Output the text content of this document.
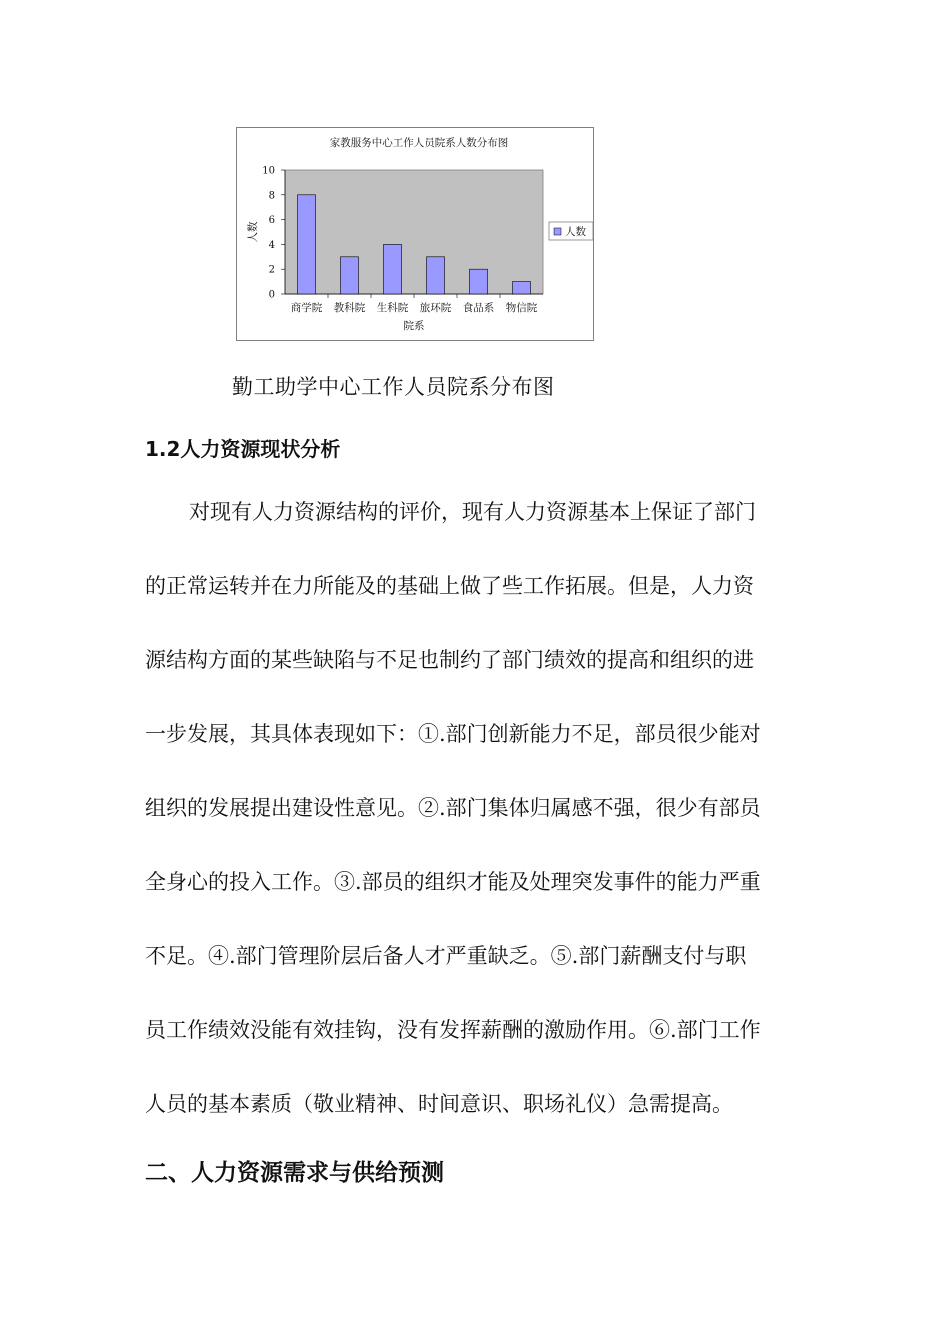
家教服务中心工作人员院系人数分布图
人数
院系
0
2
4
6
8
10
商学院 教科院 生科院 旅环院 食品系 物信院
人数
勤工助学中心工作人员院系分布图
1.2人力资源现状分析
对现有人力资源结构的评价，现有人力资源基本上保证了部门
的正常运转并在力所能及的基础上做了些工作拓展。但是，人力资
源结构方面的某些缺陷与不足也制约了部门绩效的提高和组织的进
一步发展，其具体表现如下：①.部门创新能力不足，部员很少能对
组织的发展提出建设性意见。②.部门集体归属感不强，很少有部员
全身心的投入工作。③.部员的组织才能及处理突发事件的能力严重
不足。④.部门管理阶层后备人才严重缺乏。⑤.部门薪酬支付与职
员工作绩效没能有效挂钩，没有发挥薪酬的激励作用。⑥.部门工作
人员的基本素质（敬业精神、时间意识、职场礼仪）急需提高。
二、人力资源需求与供给预测
